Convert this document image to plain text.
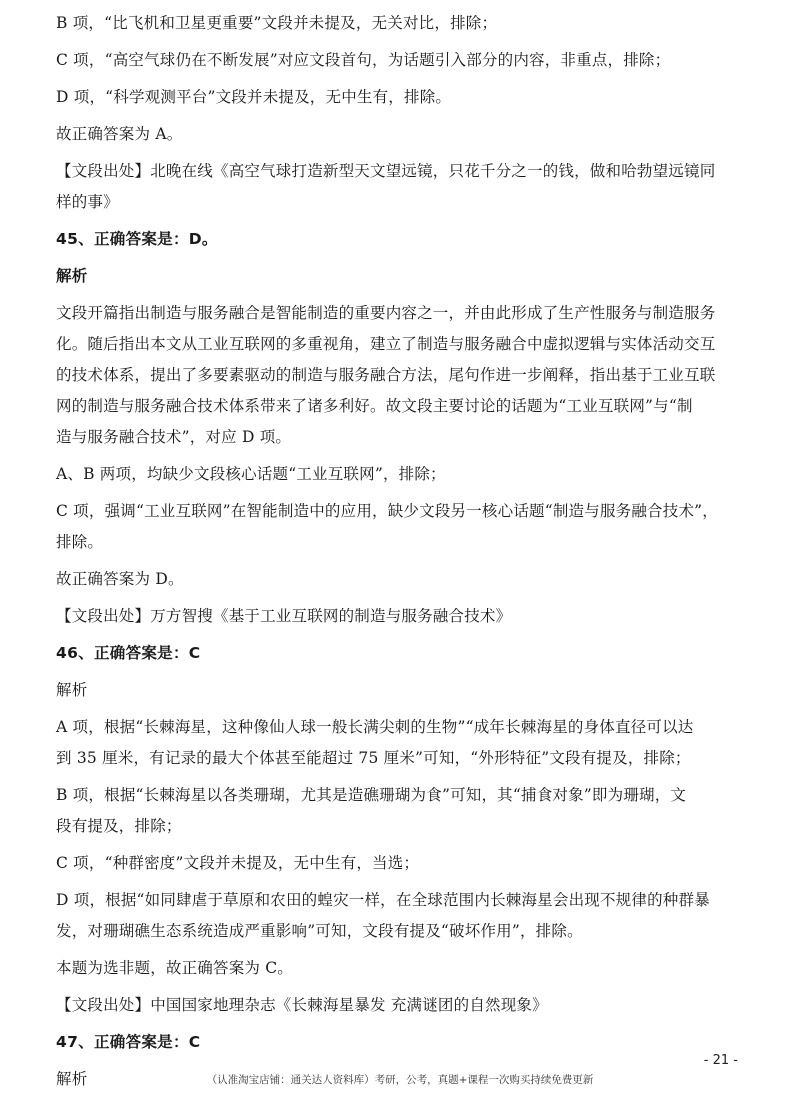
B 项，“比飞机和卫星更重要”文段并未提及，无关对比，排除；
C 项，“高空气球仍在不断发展”对应文段首句，为话题引入部分的内容，非重点，排除；
D 项，“科学观测平台”文段并未提及，无中生有，排除。
故正确答案为 A。
【文段出处】北晚在线《高空气球打造新型天文望远镜，只花千分之一的钱，做和哈勃望远镜同
样的事》
45、正确答案是：D。
解析
文段开篇指出制造与服务融合是智能制造的重要内容之一，并由此形成了生产性服务与制造服务
化。随后指出本文从工业互联网的多重视角，建立了制造与服务融合中虚拟逻辑与实体活动交互
的技术体系，提出了多要素驱动的制造与服务融合方法，尾句作进一步阐释，指出基于工业互联
网的制造与服务融合技术体系带来了诸多利好。故文段主要讨论的话题为“工业互联网”与“制
造与服务融合技术”，对应 D 项。
A、B 两项，均缺少文段核心话题“工业互联网”，排除；
C 项，强调“工业互联网”在智能制造中的应用，缺少文段另一核心话题“制造与服务融合技术”，
排除。
故正确答案为 D。
【文段出处】万方智搜《基于工业互联网的制造与服务融合技术》
46、正确答案是：C
解析
A 项，根据“长棘海星，这种像仙人球一般长满尖刺的生物”“成年长棘海星的身体直径可以达
到 35 厘米，有记录的最大个体甚至能超过 75 厘米”可知，“外形特征”文段有提及，排除；
B 项，根据“长棘海星以各类珊瑚，尤其是造礁珊瑚为食”可知，其“捕食对象”即为珊瑚，文
段有提及，排除；
C 项，“种群密度”文段并未提及，无中生有，当选；
D 项，根据“如同肆虐于草原和农田的蝗灾一样，在全球范围内长棘海星会出现不规律的种群暴
发，对珊瑚礁生态系统造成严重影响”可知，文段有提及“破坏作用”，排除。
本题为选非题，故正确答案为 C。
【文段出处】中国国家地理杂志《长棘海星暴发 充满谜团的自然现象》
47、正确答案是：C
解析
- 21 -
（认准淘宝店铺：通关达人资料库）考研，公考，真题+课程一次购买持续免费更新
